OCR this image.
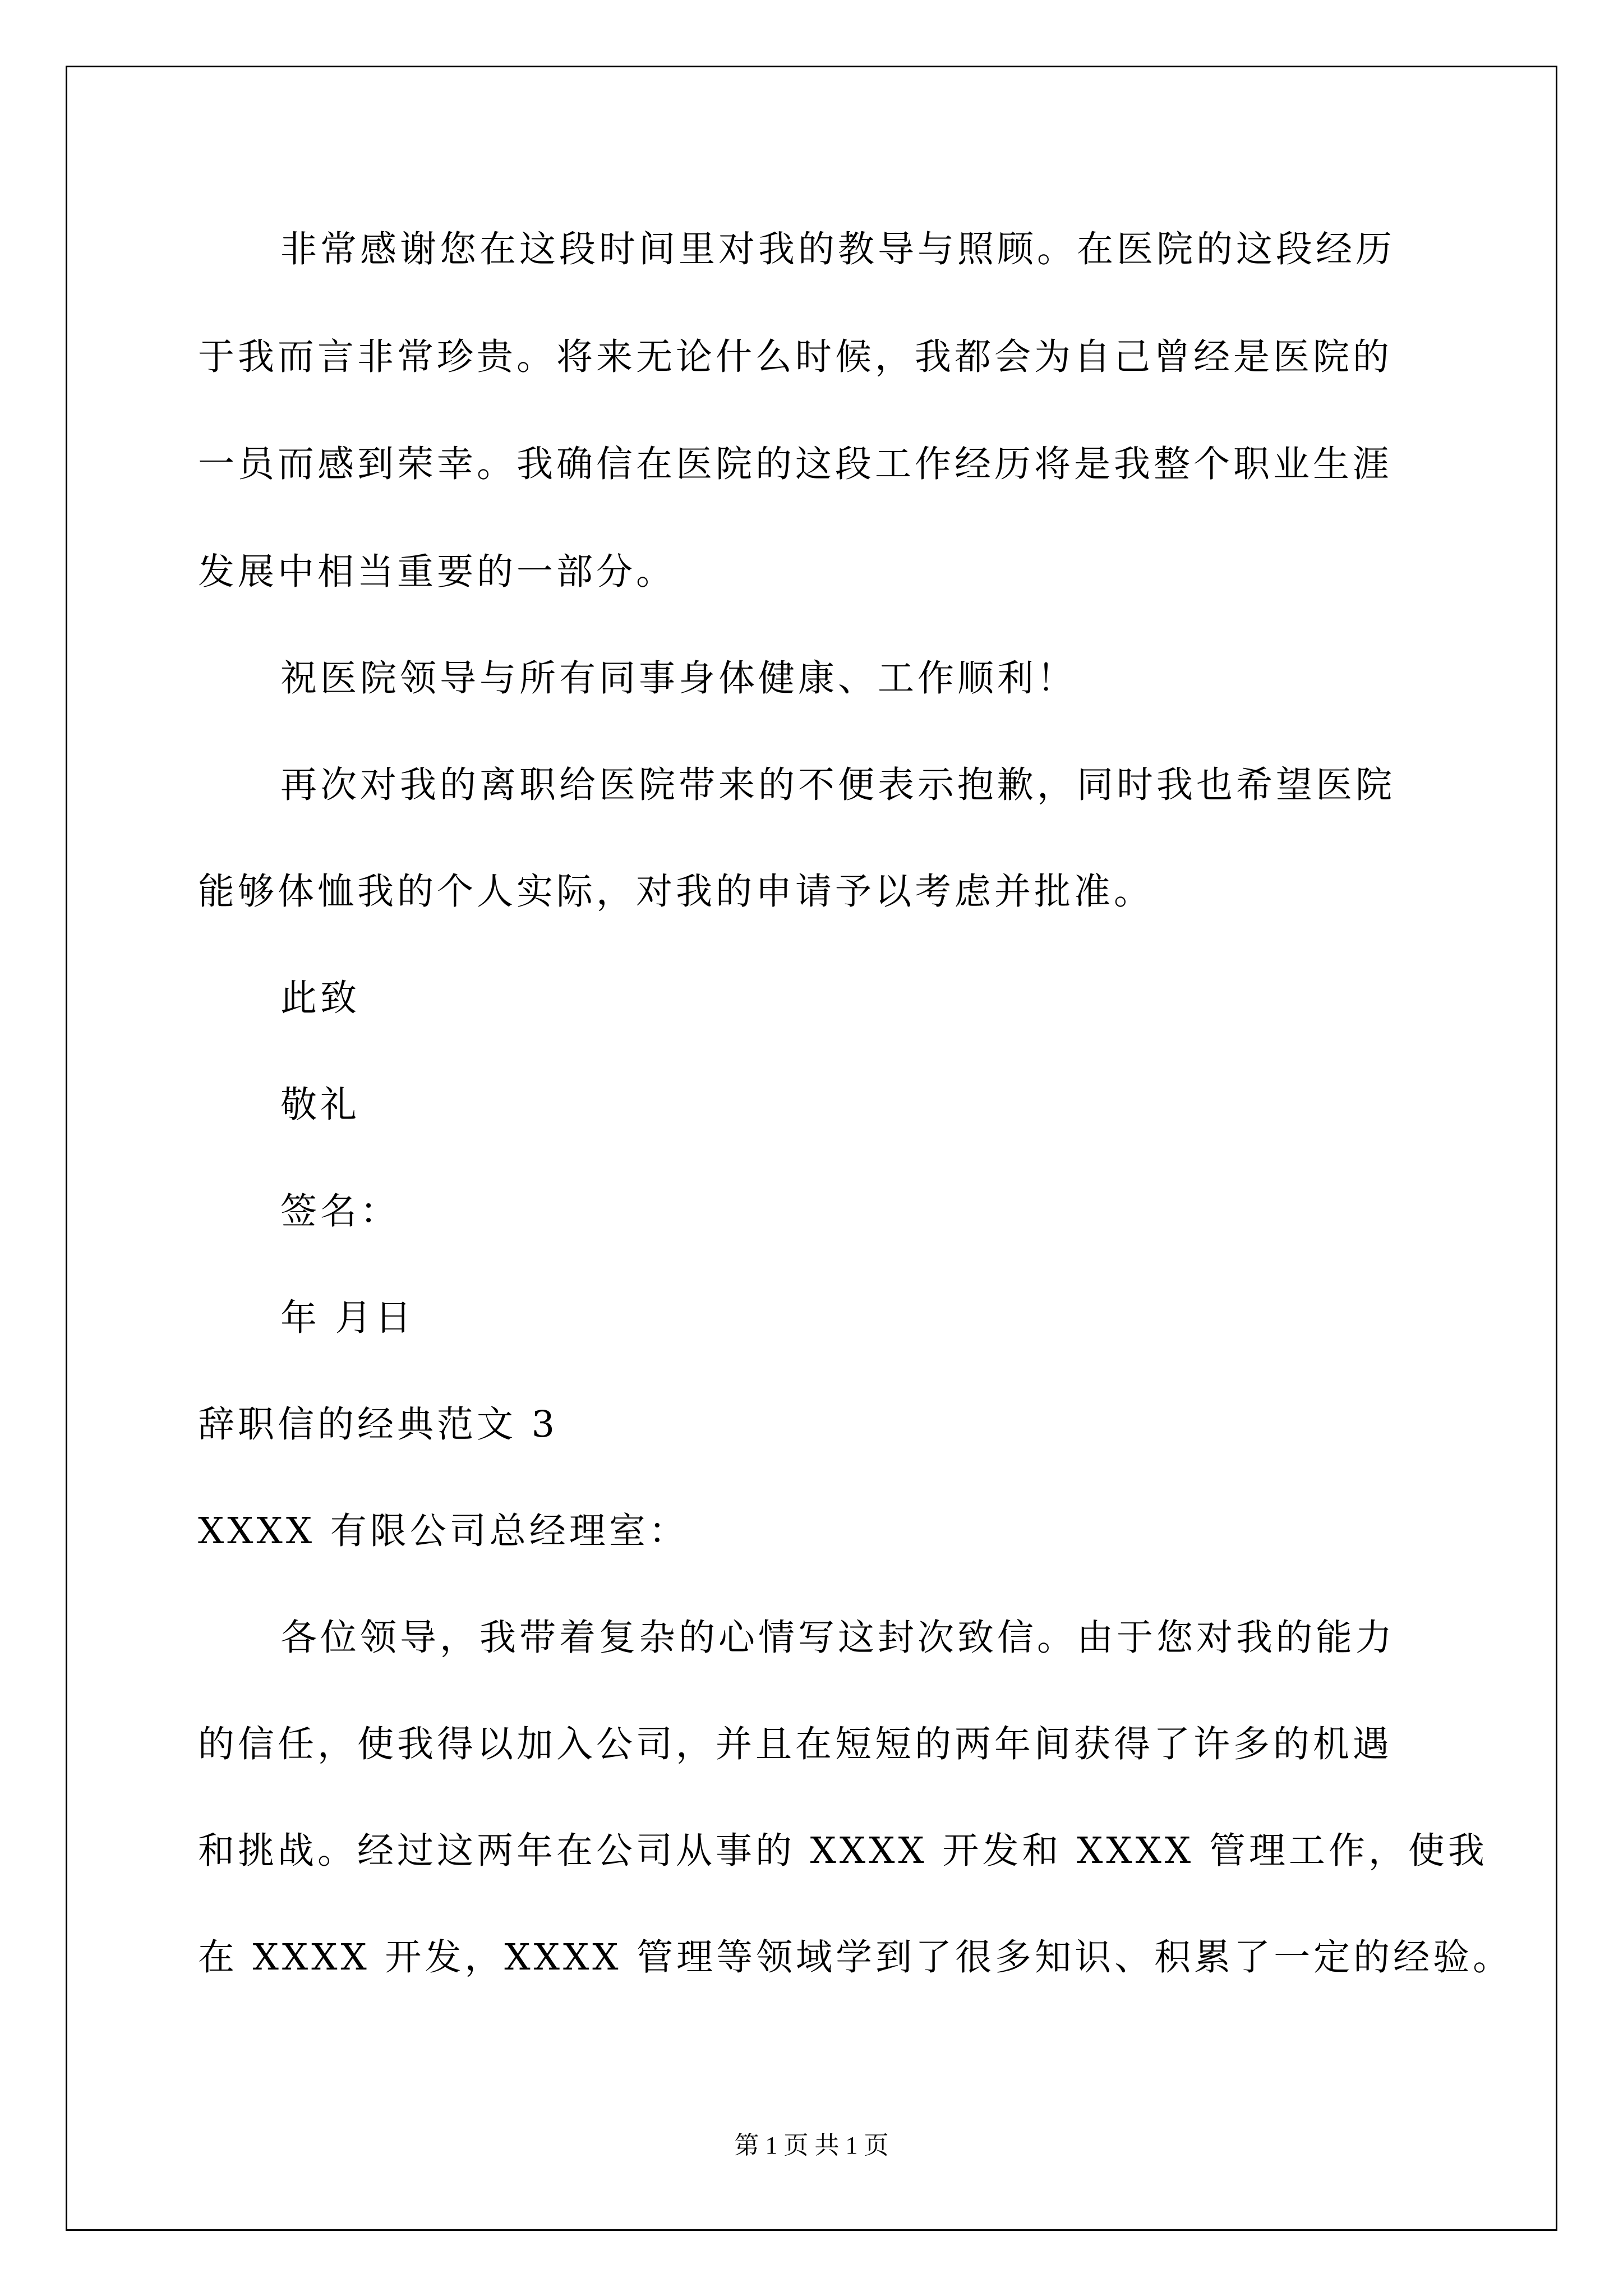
非常感谢您在这段时间里对我的教导与照顾。在医院的这段经历
于我而言非常珍贵。将来无论什么时候，我都会为自己曾经是医院的
一员而感到荣幸。我确信在医院的这段工作经历将是我整个职业生涯
发展中相当重要的一部分。
祝医院领导与所有同事身体健康、工作顺利！
再次对我的离职给医院带来的不便表示抱歉，同时我也希望医院
能够体恤我的个人实际，对我的申请予以考虑并批准。
此致
敬礼
签名：
年 月日
辞职信的经典范文 3
XXXX 有限公司总经理室：
各位领导，我带着复杂的心情写这封次致信。由于您对我的能力
的信任，使我得以加入公司，并且在短短的两年间获得了许多的机遇
和挑战。经过这两年在公司从事的 XXXX 开发和 XXXX 管理工作，使我
在 XXXX 开发，XXXX 管理等领域学到了很多知识、积累了一定的经验。
第 1 页 共 1 页
